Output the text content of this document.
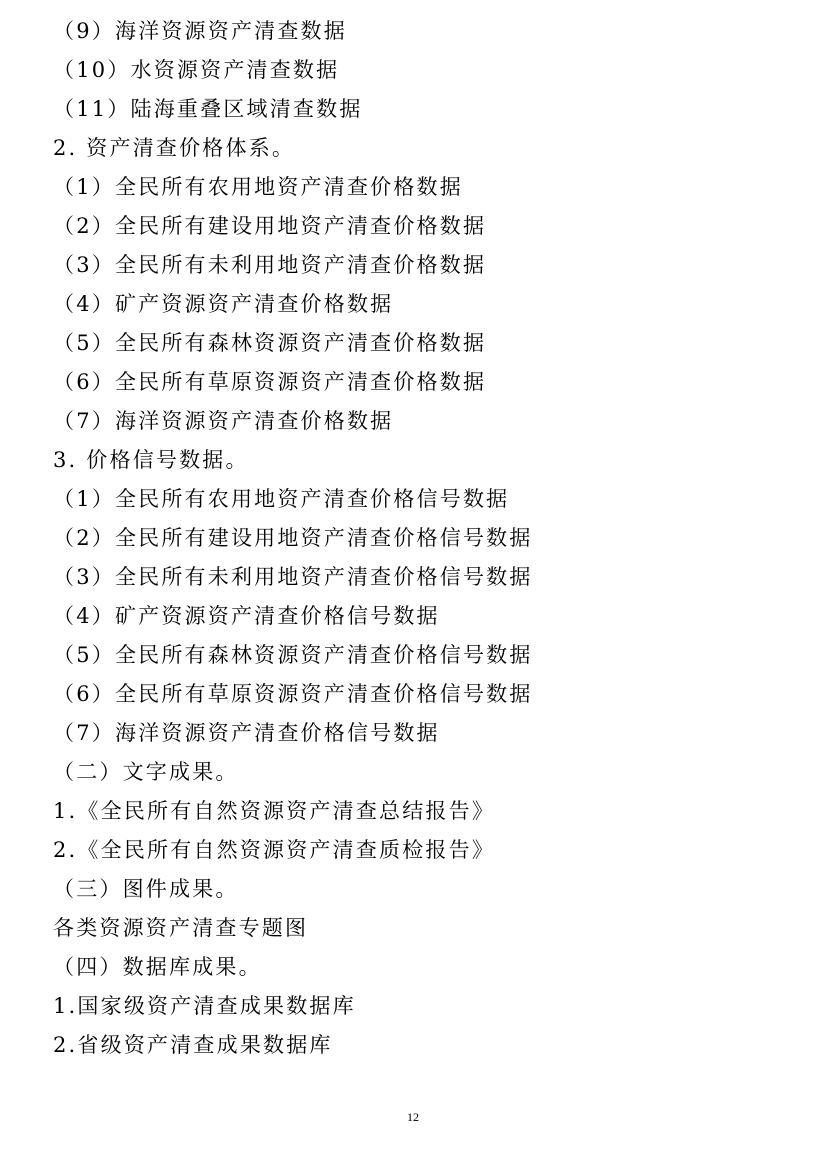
（9）海洋资源资产清查数据
（10）水资源资产清查数据
（11）陆海重叠区域清查数据
2. 资产清查价格体系。
（1）全民所有农用地资产清查价格数据
（2）全民所有建设用地资产清查价格数据
（3）全民所有未利用地资产清查价格数据
（4）矿产资源资产清查价格数据
（5）全民所有森林资源资产清查价格数据
（6）全民所有草原资源资产清查价格数据
（7）海洋资源资产清查价格数据
3. 价格信号数据。
（1）全民所有农用地资产清查价格信号数据
（2）全民所有建设用地资产清查价格信号数据
（3）全民所有未利用地资产清查价格信号数据
（4）矿产资源资产清查价格信号数据
（5）全民所有森林资源资产清查价格信号数据
（6）全民所有草原资源资产清查价格信号数据
（7）海洋资源资产清查价格信号数据
（二）文字成果。
1.《全民所有自然资源资产清查总结报告》
2.《全民所有自然资源资产清查质检报告》
（三）图件成果。
各类资源资产清查专题图
（四）数据库成果。
1.国家级资产清查成果数据库
2.省级资产清查成果数据库
12
